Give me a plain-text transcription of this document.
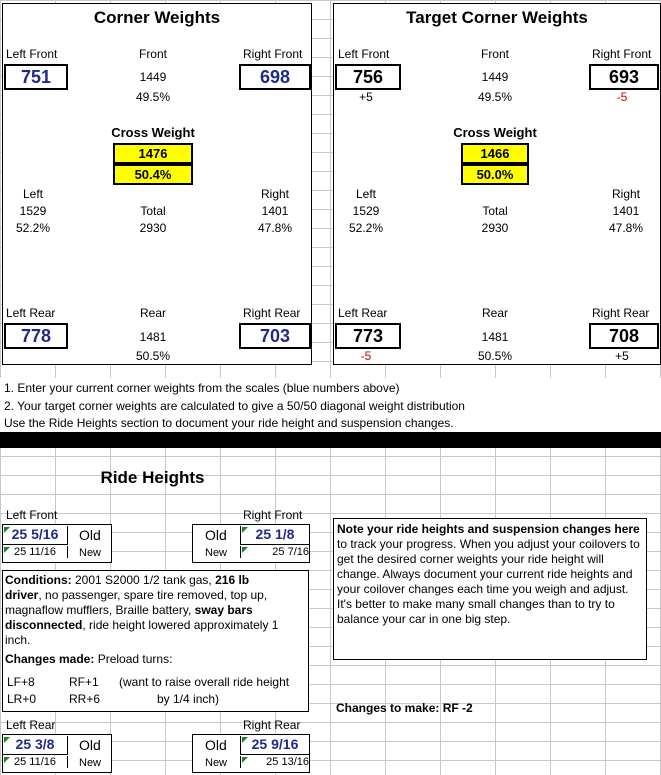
Corner Weights
Left Front	Front	Right Front
751	1449	698
49.5%
Cross Weight
1476
50.4%
Left	Right
1529	Total	1401
52.2%	2930	47.8%
Left Rear	Rear	Right Rear
778	1481	703
50.5%
Target Corner Weights
Left Front	Front	Right Front
756	1449	693
+5	49.5%	-5
Cross Weight
1466
50.0%
Left	Right
1529	Total	1401
52.2%	2930	47.8%
Left Rear	Rear	Right Rear
773	1481	708
-5	50.5%	+5
1. Enter your current corner weights from the scales (blue numbers above)
2. Your target corner weights are calculated to give a 50/50 diagonal weight distribution
Use the Ride Heights section to document your ride height and suspension changes.
Ride Heights
Left Front	Right Front
25 5/16	Old
25 11/16	New
Old	25 1/8
New	25 7/16
Conditions: 2001 S2000 1/2 tank gas, 216 lb
driver, no passenger, spare tire removed, top up,
magnaflow mufflers, Braille battery, sway bars
disconnected, ride height lowered approximately 1
inch.
Changes made: Preload turns:
LF+8	RF+1 (want to raise overall ride height
LR+0	RR+6	by 1/4 inch)
Note your ride heights and suspension changes here to track your progress. When you adjust your coilovers to get the desired corner weights your ride height will change. Always document your current ride heights and your coilover changes each time you weigh and adjust. It's better to make many small changes than to try to balance your car in one big step.
Changes to make: RF -2
Left Rear	Right Rear
25 3/8	Old
25 11/16	New
Old	25 9/16
New	25 13/16
